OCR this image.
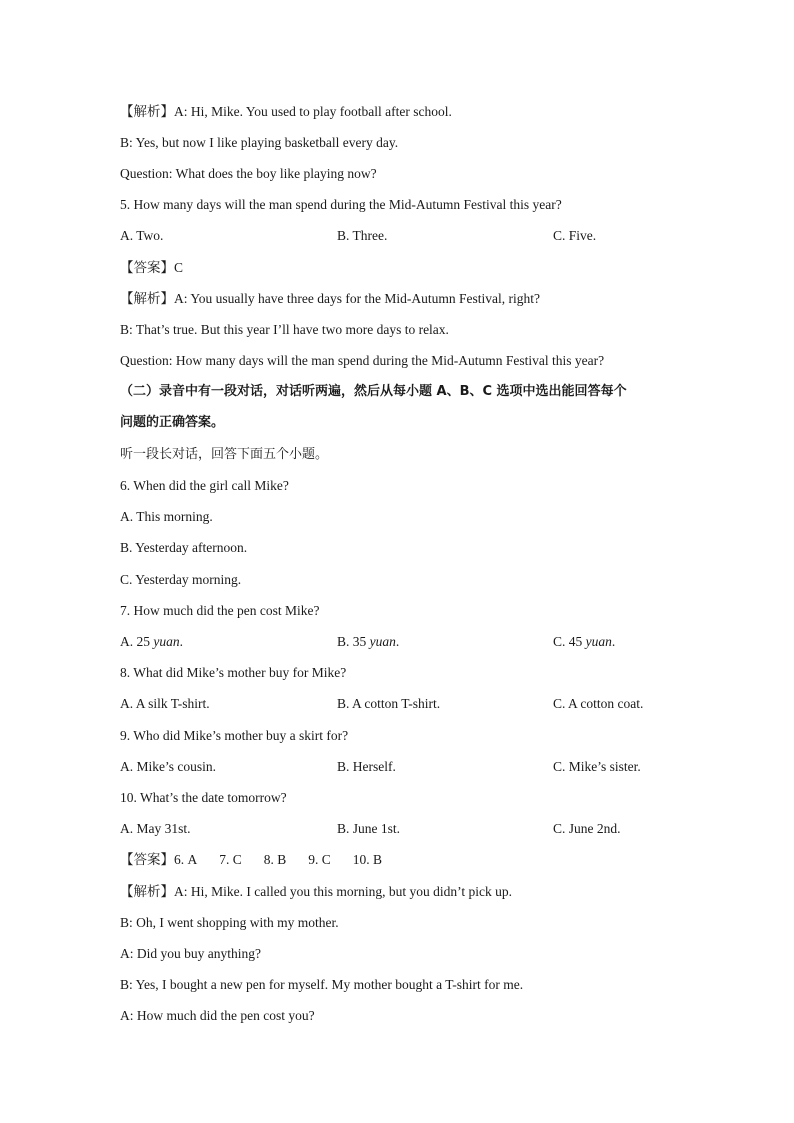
【解析】A: Hi, Mike. You used to play football after school.
B: Yes, but now I like playing basketball every day.
Question: What does the boy like playing now?
5. How many days will the man spend during the Mid-Autumn Festival this year?
A. Two.	B. Three.	C. Five.
【答案】C
【解析】A: You usually have three days for the Mid-Autumn Festival, right?
B: That’s true. But this year I’ll have two more days to relax.
Question: How many days will the man spend during the Mid-Autumn Festival this year?
（二）录音中有一段对话，对话听两遍，然后从每小题 A、B、C 选项中选出能回答每个
问题的正确答案。
听一段长对话，回答下面五个小题。
6. When did the girl call Mike?
A. This morning.
B. Yesterday afternoon.
C. Yesterday morning.
7. How much did the pen cost Mike?
A. 25 yuan.	B. 35 yuan.	C. 45 yuan.
8. What did Mike’s mother buy for Mike?
A. A silk T-shirt.	B. A cotton T-shirt.	C. A cotton coat.
9. Who did Mike’s mother buy a skirt for?
A. Mike’s cousin.	B. Herself.	C. Mike’s sister.
10. What’s the date tomorrow?
A. May 31st.	B. June 1st.	C. June 2nd.
【答案】6. A 7. C 8. B 9. C 10. B
【解析】A: Hi, Mike. I called you this morning, but you didn’t pick up.
B: Oh, I went shopping with my mother.
A: Did you buy anything?
B: Yes, I bought a new pen for myself. My mother bought a T-shirt for me.
A: How much did the pen cost you?
